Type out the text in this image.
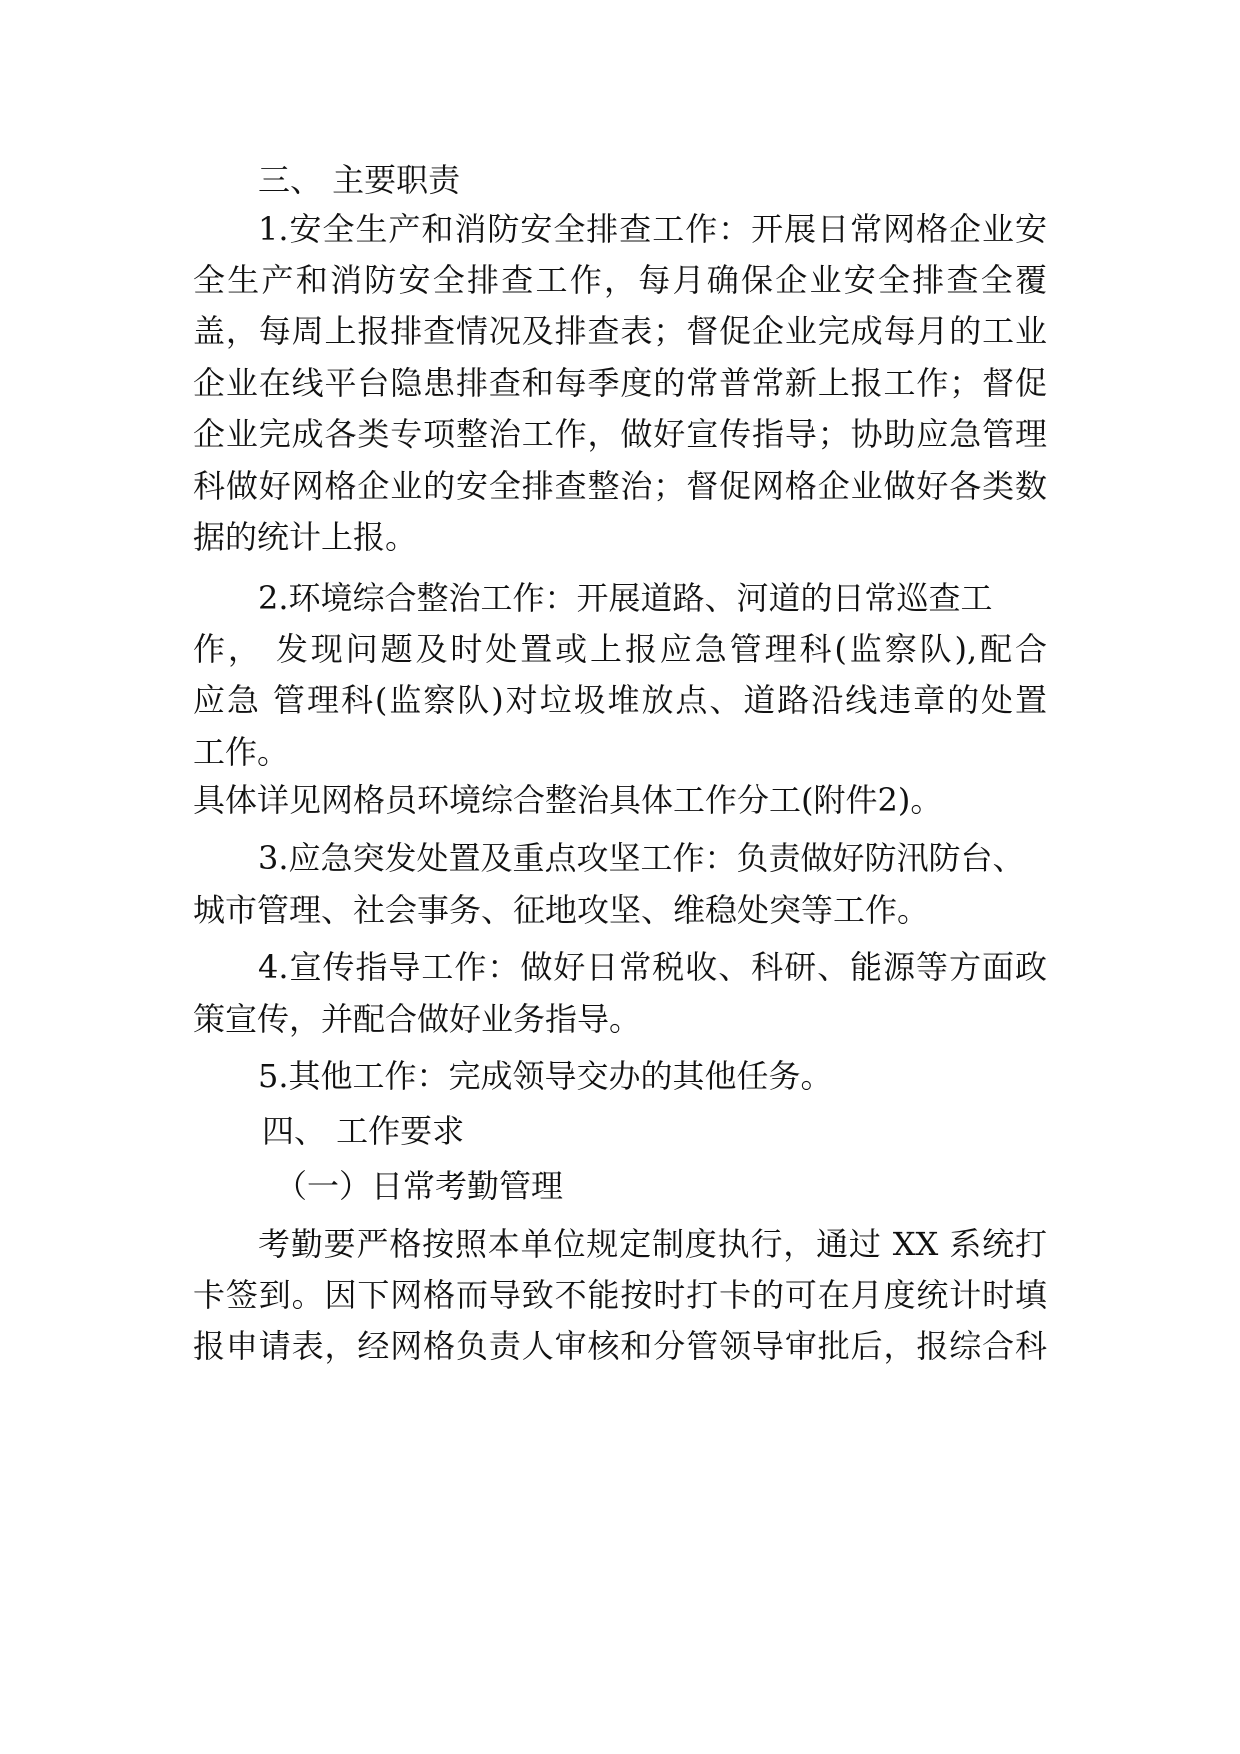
三、 主要职责

1.安全生产和消防安全排查工作：开展日常网格企业安

全生产和消防安全排查工作，每月确保企业安全排查全覆

盖，每周上报排查情况及排查表；督促企业完成每月的工业

企业在线平台隐患排查和每季度的常普常新上报工作；督促

企业完成各类专项整治工作，做好宣传指导；协助应急管理

科做好网格企业的安全排查整治；督促网格企业做好各类数

据的统计上报。

2.环境综合整治工作：开展道路、河道的日常巡查工

作， 发现问题及时处置或上报应急管理科(监察队),配合

应急 管理科(监察队)对垃圾堆放点、道路沿线违章的处置

工作。

具体详见网格员环境综合整治具体工作分工(附件2)。

3.应急突发处置及重点攻坚工作：负责做好防汛防台、

城市管理、社会事务、征地攻坚、维稳处突等工作。

4.宣传指导工作：做好日常税收、科研、能源等方面政

策宣传，并配合做好业务指导。

5.其他工作：完成领导交办的其他任务。

四、 工作要求

（一）日常考勤管理

考勤要严格按照本单位规定制度执行，通过 XX 系统打

卡签到。因下网格而导致不能按时打卡的可在月度统计时填

报申请表，经网格负责人审核和分管领导审批后，报综合科
